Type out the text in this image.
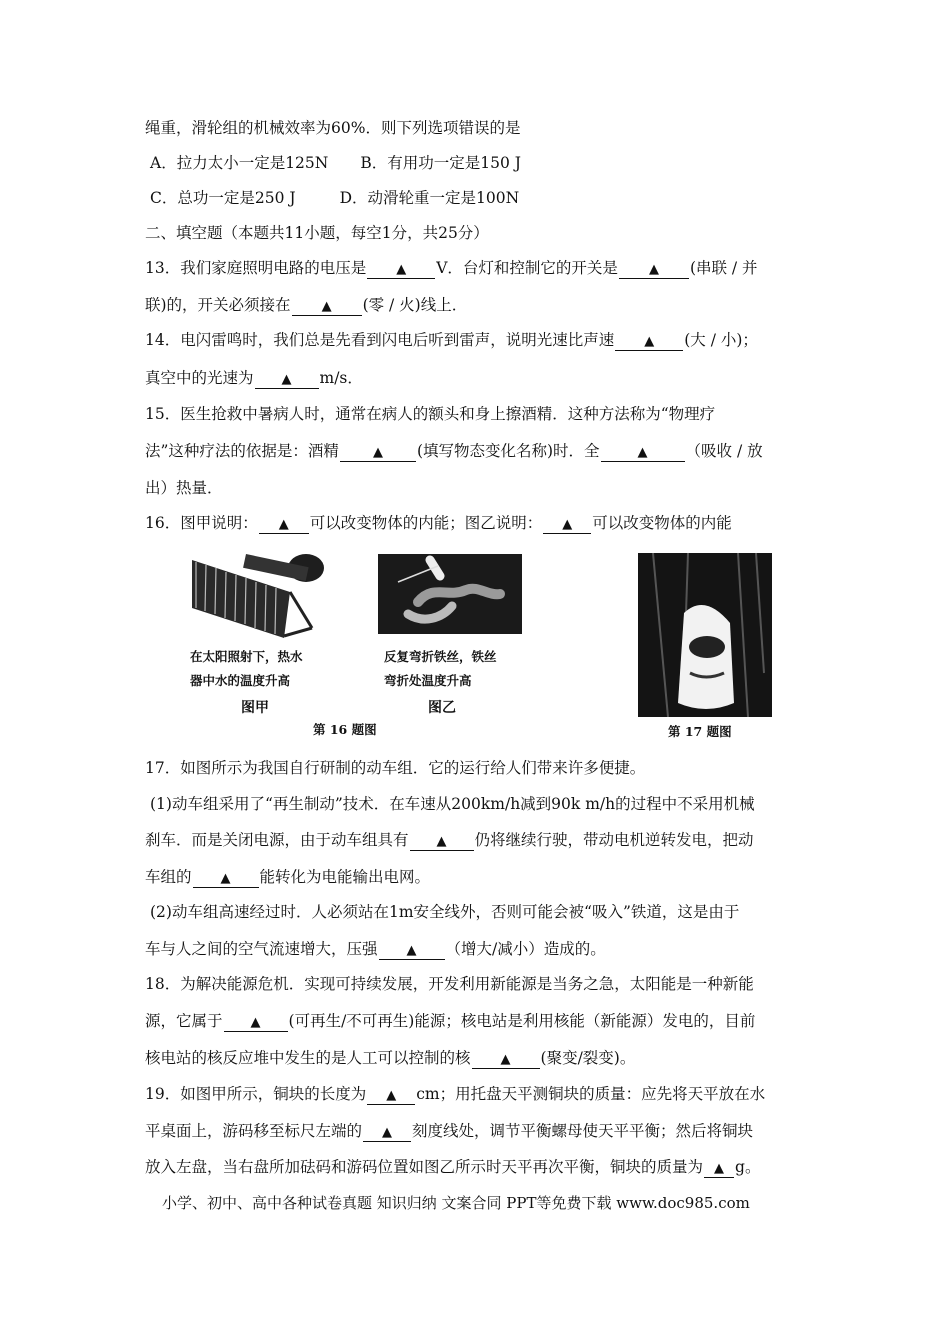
绳重，滑轮组的机械效率为60%．则下列选项错误的是
A．拉力太小一定是125N B．有用功一定是150 J
C．总功一定是250 J	D．动滑轮重一定是100N
二、填空题（本题共11小题，每空1分，共25分）
13．我们家庭照明电路的电压是 ▲ V．台灯和控制它的开关是 ▲ (串联 / 并
联)的，开关必须接在 ▲ (零 / 火)线上．
14．电闪雷鸣时，我们总是先看到闪电后听到雷声，说明光速比声速 ▲ (大 / 小)；
真空中的光速为 ▲ m/s．
15．医生抢救中暑病人时，通常在病人的额头和身上擦酒精．这种方法称为“物理疗
法”这种疗法的依据是：酒精	▲ (填写物态变化名称)时．全	▲ （吸收 / 放
出）热量．
16．图甲说明： ▲ 可以改变物体的内能；图乙说明： ▲ 可以改变物体的内能
在太阳照射下，热水
器中水的温度升高
图甲
反复弯折铁丝，铁丝
弯折处温度升高
图乙
第 16 题图	第 17 题图
17．如图所示为我国自行研制的动车组．它的运行给人们带来许多便捷。
(1)动车组采用了“再生制动”技术．在车速从200km/h减到90k m/h的过程中不采用机械
刹车．而是关闭电源，由于动车组具有 ▲ 仍将继续行驶，带动电机逆转发电，把动
车组的 ▲ 能转化为电能输出电网。
(2)动车组高速经过时．人必须站在1m安全线外，否则可能会被“吸入”铁道，这是由于
车与人之间的空气流速增大，压强 ▲ （增大/减小）造成的。
18．为解决能源危机．实现可持续发展，开发利用新能源是当务之急，太阳能是一种新能
源，它属于 ▲ (可再生/不可再生)能源；核电站是利用核能（新能源）发电的，目前
核电站的核反应堆中发生的是人工可以控制的核 ▲ (聚变/裂变)。
19．如图甲所示，铜块的长度为 ▲ cm；用托盘天平测铜块的质量：应先将天平放在水
平桌面上，游码移至标尺左端的 ▲ 刻度线处，调节平衡螺母使天平平衡；然后将铜块
放入左盘，当右盘所加砝码和游码位置如图乙所示时天平再次平衡，铜块的质量为 ▲ g。
小学、初中、高中各种试卷真题 知识归纳 文案合同 PPT等免费下载 www.doc985.com
